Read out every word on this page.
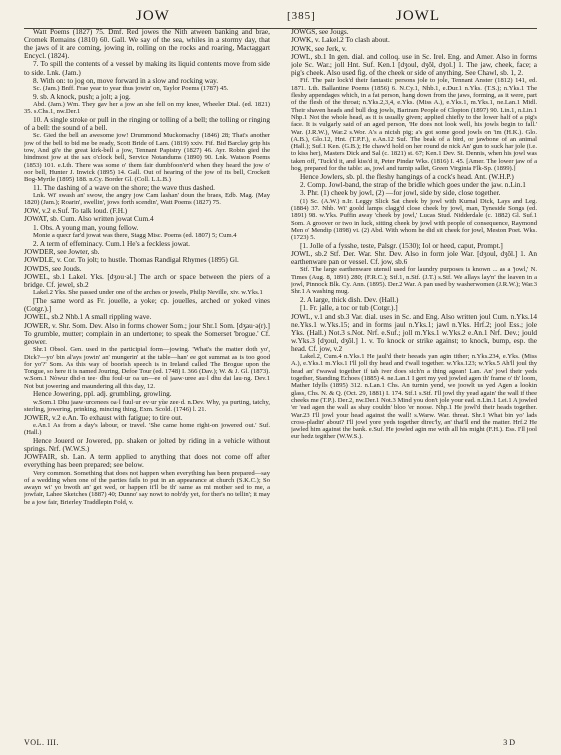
JOW	[385]	JOWL

Watt Poems (1827) 75. Dmf. Red jowes the Nith atween banking and brae, Cromek Remains (1810) 60. Gall. We say of the sea, whiles in a stormy day, that the jaws of it are coming, jowing in, rolling on the rocks and roaring, Mactaggart Encycl. (1824).

7. To spill the contents of a vessel by making its liquid contents move from side to side. Lnk. (Jam.)

8. With on: to jog on, move forward in a slow and rocking way.

Sc. (Jam.) Bnff. Frae year to year thus jowin' on, Taylor Poems (1787) 45.

9. sb. A knock, push; a jolt; a jog.

Abd. (Jam.) Wm. They gav her a jow an she fell on my knee, Wheeler Dial. (ed. 1821) 35. s.Chs.1, nw.Der.1

10. A single stroke or pull in the ringing or tolling of a bell; the tolling or ringing of a bell: the sound of a bell.

Sc. Gied the bell an awesome jow! Drummond Muckomachy (1846) 28; That's another jow of the bell to bid me be ready, Scott Bride of Lam. (1819) xxiv. Fif. Bid Barclay grip his tow, And gi'e the great kirk-bell a jow, Tennant Papistry (1827) 46. Ayr. Robin gied the hindmost jow at the sax o'clock bell, Service Notandums (1890) 90. Lnk. Watson Poems (1853) 101. e.Lth. There was some o' them fair dumbfoon'er'd when they heard the jow o' oor bell, Hunter J. Inwick (1895) 14. Gall. Out of hearing of the jow of its bell, Crockett Bog-Myrtle (1895) 188. n.Cy. Border Gl. (Coll. L.L.B.)

11. The dashing of a wave on the shore; the wave thus dashed.

Lnk. Wi' swash an' swow, the angry jow Cam lashan' doun the braes, Edb. Mag. (May 1820) (Jam.); Roarin', swellin', jows forth scendin', Watt Poems (1827) 75.

JOW, v.2 e.Suf. To talk loud. (F.H.)

JOWAT, sb. Cum. Also written jowat Cum.4

1. Obs. A young man, young fellow.

Monie a quecr far'd jowat was there, Stagg Misc. Poems (ed. 1807) 5; Cum.4

2. A term of effeminacy. Cum.1 He's a feckless jowat.

JOWDER, see Jowter, sb.

JOWDLE, v. Cor. To jolt; to hustle. Thomas Randigal Rhymes (1895) Gl.

JOWDS, see Jouds.

JOWEL, sb.1 Lakel. Yks. [dʒou·əl.] The arch or space between the piers of a bridge. Cf. jewel, sb.2

Lakel.2 Yks. She passed under one of the arches or jowels, Philip Neville, xiv. w.Yks.1

[The same word as Fr. jouelle, a yoke; cp. jouelles, arched or yoked vines (Cotgr.).]

JOWEL, sb.2 Nhb.1 A small rippling wave.

JOWER, v. Shr. Som. Dev. Also in forms chower Som.; jour Shr.1 Som. [dʒau·ə(r).] To grumble, mutter; complain in an undertone; to speak the Somerset 'brogue.' Cf. geower.

Shr.1 Obsol. Gen. used in the participial form—jowing. 'What's the matter doth yo', Dick?—yo' bin al'ays jowin' an' mungerin' at the table—han' ee got summat as is too good for yo'?' Som. As this way of boorish speech is in Ireland called The Brogue upon the Tongue, so here it is named Jouring, Defoe Tour (ed. 1748) I. 366 (Dav.); W. & J. Gl. (1873). w.Som.1 Nòwur dhd·n tee· dhu foul·ur oa un—ee ol jaaw·uree au·l dhu dai lau·ng. Dev.1 Not but jowering and maundering all this day, 12.

Hence Jowering, ppl. adj. grumbling, growling.

w.Som.1 Dhu jaaw·urcenees oa·l fuul·ur ev·ur yùe zee·d. n.Dev. Why, ya purting, tatchy, sterling, jowering, prinking, mincing thing, Exm. Scold. (1746) l. 21.

JOWER, v.2 e.An. To exhaust with fatigue; to tire out.

e.An.1 As from a day's labour, or travel. 'She came home right-on jowered out.' Suf. (Hall.)

Hence Jouerd or Jowered, pp. shaken or jolted by riding in a vehicle without springs. Nrf. (W.W.S.)

JOWFAIR, sb. Lan. A term applied to anything that does not come off after everything has been prepared; see below.

Very common. Something that does not happen when everything has been prepared—say of a wedding when one of the parties fails to put in an appearance at church (S.K.C.); So awayn wi' yo bwoth an' get wed, or happen it'll be th' same as mi mother sed to me, a jowfair, Lahee Sketches (1887) 40; Dunno' say nowt to nob'dy yet, for ther's no tellin'; it may be a jow fair, Brierley Traddlepin Fold, v.

JOWGS, see Jougs.

JOWK, v. Lakel.2 To clash about.

JOWK, see Jerk, v.

JOWL, sb.1 In gen. dial. and colloq. use in Sc. Irel. Eng. and Amer. Also in forms jole Sc. War.; joll Hnt. Suf. Ken.1 [dʒoul, dʒōl, dʒol.] 1. The jaw, cheek, face; a pig's cheek. Also used fig. of the cheek or side of anything. See Chawl, sb. 1, 2.

Fif. The pair lock'd their fantastic persons jole to jole, Tennant Anster (1812) 141, ed. 1871. Lth. Ballantine Poems (1856) 6. N.Cy.1, Nhb.1, e.Dur.1 n.Yks. (T.S.); n.Yks.1 The fleshy appendages which, in a fat person, hang down from the jaws, forming, as it were, part of the flesh of the throat; n.Yks.2,3,4, e.Yks. (Miss A.), e.Yks.1, m.Yks.1, ne.Lan.1 Midl. Their shaven heads and bull dog jowls, Bartram People of Clopton (1897) 90. Lin.1, n.Lin.1 Nhp.1 Not the whole head, as it is usually given; applied chiefly to the lower half of a pig's face. It is vulgarly said of an aged person, 'He does not look well, his jowls begin to fall.' War. (J.R.W.), War.2 s.Wor. A's a nicish pig; a's got some good jowls on 'im (H.K.). Glo. (A.B.), Glo.12, Hnt. (T.P.F.), e.An.12 Suf. The beak of a bird, or jawbone of an animal (Hall.); Suf.1 Ken. (G.B.); He chaw'd hold on her round de nick An' gun to suck har jole (i.e. to kiss her), Masters Dick and Sal (c. 1821) st. 67; Ken.1 Dev. St. Dennis, when his jowl was taken off, 'Tuck'd it, and kiss'd it, Peter Pindar Wks. (1816) I. 45. [Amer. The lower jaw of a hog, prepared for the table: as, jowl and turnip sallet, Green Virginia Flk-Sp. (1899).]

Hence Jowlers, sb. pl. the fleshy hangings of a cock's head. Ant. (W.H.P.)

2. Comp. Jowl-band, the strap of the bridle which goes under the jaw. n.Lin.1

3. Phr. (1) cheek by jowl, (2) —for jowl, side by side, close together.

(1) Sc. (A.W.) n.Ir. Leggy Slick Sat cheek by jowl with Kurnal Dick, Lays and Leg. (1884) 37. Nhb. Wi' goold lamps clagg'd close cheek by jowl, man, Tyneside Songs (ed. 1891) 98. w.Yks. Puffin away 'cheek by jowl,' Lucas Stud. Nidderdale (c. 1882) Gl. Suf.1 Som. A groover or two in luck, sitting cheek by jowl with people of consequence, Raymond Men o' Mendip (1898) vi. (2) Abd. With whom he did sit cheek for jowl, Meston Poet. Wks. (1723) 5.

[1. Jolle of a fysshe, teste, Palsgr. (1530); Iol or heed, caput, Prompt.]

JOWL, sb.2 Stf. Der. War. Shr. Dev. Also in form jole War. [dʒoul, dʒōl.] 1. An earthenware pan or vessel. Cf. jow, sb.6

Stf. The large earthenware utensil used for laundry purposes is known ... as a 'jowl,' N. Times (Aug. 8, 1891) 280; (F.R.C.); Stf.1, n.Stf. (J.T.) s.Stf. We allays lay'n' the leaven in a jowl, Pinnock Blk. Cy. Ann. (1895). Der.2 War. A pan used by washerwomen (J.R.W.); War.3 Shr.1 A washing mug.

2. A large, thick dish. Dev. (Hall.)

[1. Fr. jalle, a toc or tub (Cotgr.).]

JOWL, v.1 and sb.3 Var. dial. uses in Sc. and Eng. Also written joul Cum. n.Yks.14 ne.Yks.1 w.Yks.15; and in forms jaul n.Yks.1; jawl n.Yks. Hrf.2; jool Ess.; jole Yks. (Hall.) Not.3 s.Not. Nrf. e.Suf.; joll m.Yks.1 w.Yks.2 e.An.1 Nrf. Dev.; jould w.Yks.3 [dʒoul, dʒōl.] 1. v. To knock or strike against; to knock, bump, esp. the head. Cf. jow, v.2

Lakel.2, Cum.4 n.Yks.1 He jaul'd their heeads yan agin tither; n.Yks.234, e.Yks. (Miss A.), e.Yks.1 m.Yks.1 I'll joll thy head and t'wall together. w.Yks.123; w.Yks.5 Ah'll joul thy head an' t'wawal together if tah iver does sich'n a thing agean! Lan. An' jowl their yeds together, Standing Echoes (1885) 4. ne.Lan.1 I gert my yed jowled agen th' frame o' th' loom, Mather Idylls (1895) 312. n.Lan.1 Chs. An turnin yend, we joowlt us yed Agen a lookin glass, Chs. N. & Q. (Oct. 29, 1881) I. 174. Stf.1 s.Stf. I'll jowl thy yead again' the wall if thee cheeks me (T.P.). Der.2, nw.Der.1 Not.3 Mind you don't jole your ead. n.Lin.1 Lei.1 A jowled 'er 'ead agen the wall as shay couldn' bloo 'er noose. Nhp.1 He jowl'd their heads together. War.23 I'll jowl your head against the wall! s.Warw. War. threat. Shr.1 What bin yo' lads cross-pladin' about? I'll jowl yore yeds together direc'ly, an' that'll end the matter. Hrf.2 He jawled him against the bank. e.Suf. He jowled agin me with all his might (F.H.). Ess. I'll jool eur hedz tegither (W.W.S.).

VOL. III.	3 D
